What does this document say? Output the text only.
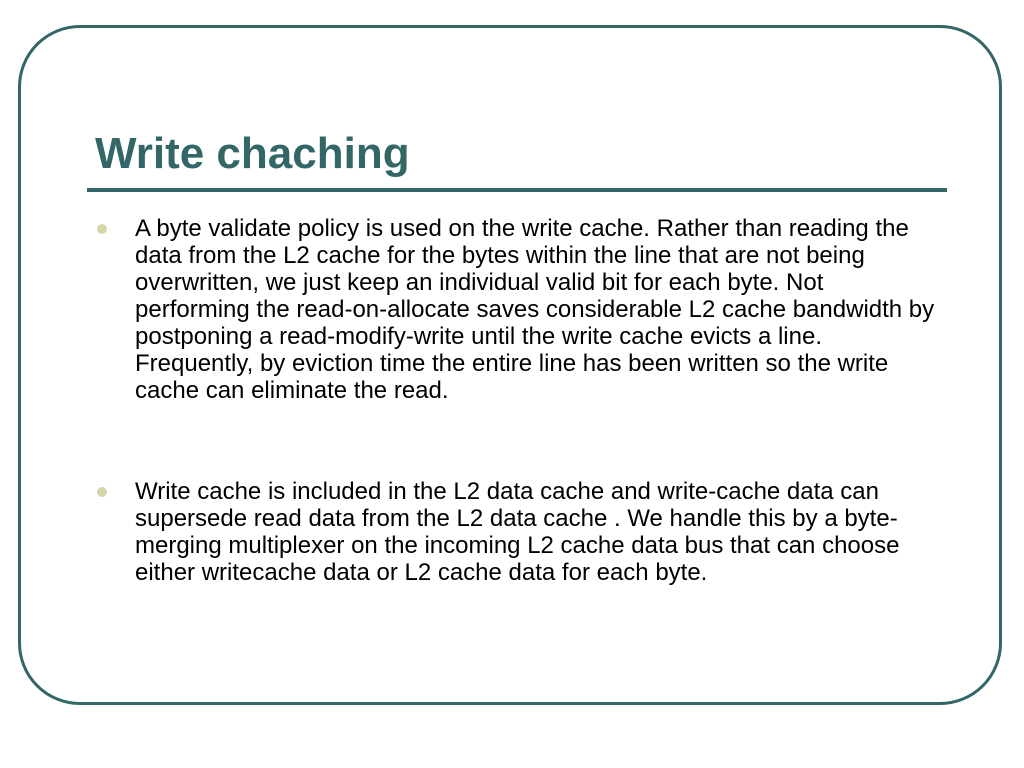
Write chaching
A byte validate policy is used on the write cache. Rather than reading the data from the L2 cache for the bytes within the line that are not being overwritten, we just keep an individual valid bit for each byte. Not performing the read-on-allocate saves considerable L2 cache bandwidth by postponing a read-modify-write until the write cache evicts a line. Frequently, by eviction time the entire line has been written so the write cache can eliminate the read.
Write cache is included in the L2 data cache and write-cache data can supersede read data from the L2 data cache . We handle this by a byte-merging multiplexer on the incoming L2 cache data bus that can choose either writecache data or L2 cache data for each byte.
